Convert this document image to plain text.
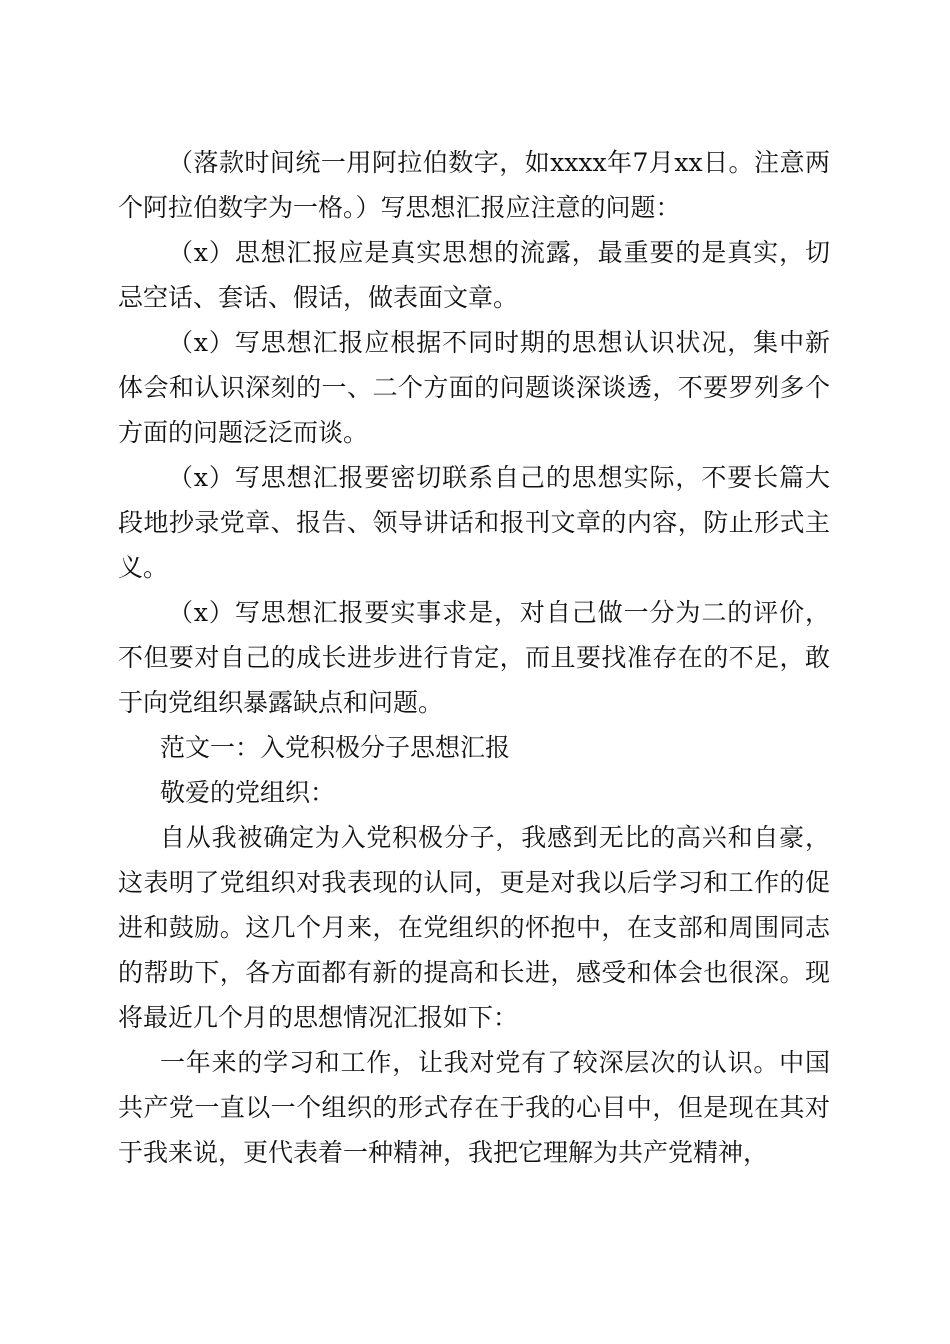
（落款时间统一用阿拉伯数字，如xxxx年7月xx日。注意两个阿拉伯数字为一格。）写思想汇报应注意的问题：

（x）思想汇报应是真实思想的流露，最重要的是真实，切忌空话、套话、假话，做表面文章。

（x）写思想汇报应根据不同时期的思想认识状况，集中新体会和认识深刻的一、二个方面的问题谈深谈透，不要罗列多个方面的问题泛泛而谈。

（x）写思想汇报要密切联系自己的思想实际，不要长篇大段地抄录党章、报告、领导讲话和报刊文章的内容，防止形式主义。

（x）写思想汇报要实事求是，对自己做一分为二的评价，不但要对自己的成长进步进行肯定，而且要找准存在的不足，敢于向党组织暴露缺点和问题。

范文一：入党积极分子思想汇报

敬爱的党组织：

自从我被确定为入党积极分子，我感到无比的高兴和自豪，这表明了党组织对我表现的认同，更是对我以后学习和工作的促进和鼓励。这几个月来，在党组织的怀抱中，在支部和周围同志的帮助下，各方面都有新的提高和长进，感受和体会也很深。现将最近几个月的思想情况汇报如下：

一年来的学习和工作，让我对党有了较深层次的认识。中国共产党一直以一个组织的形式存在于我的心目中，但是现在其对于我来说，更代表着一种精神，我把它理解为共产党精神，
